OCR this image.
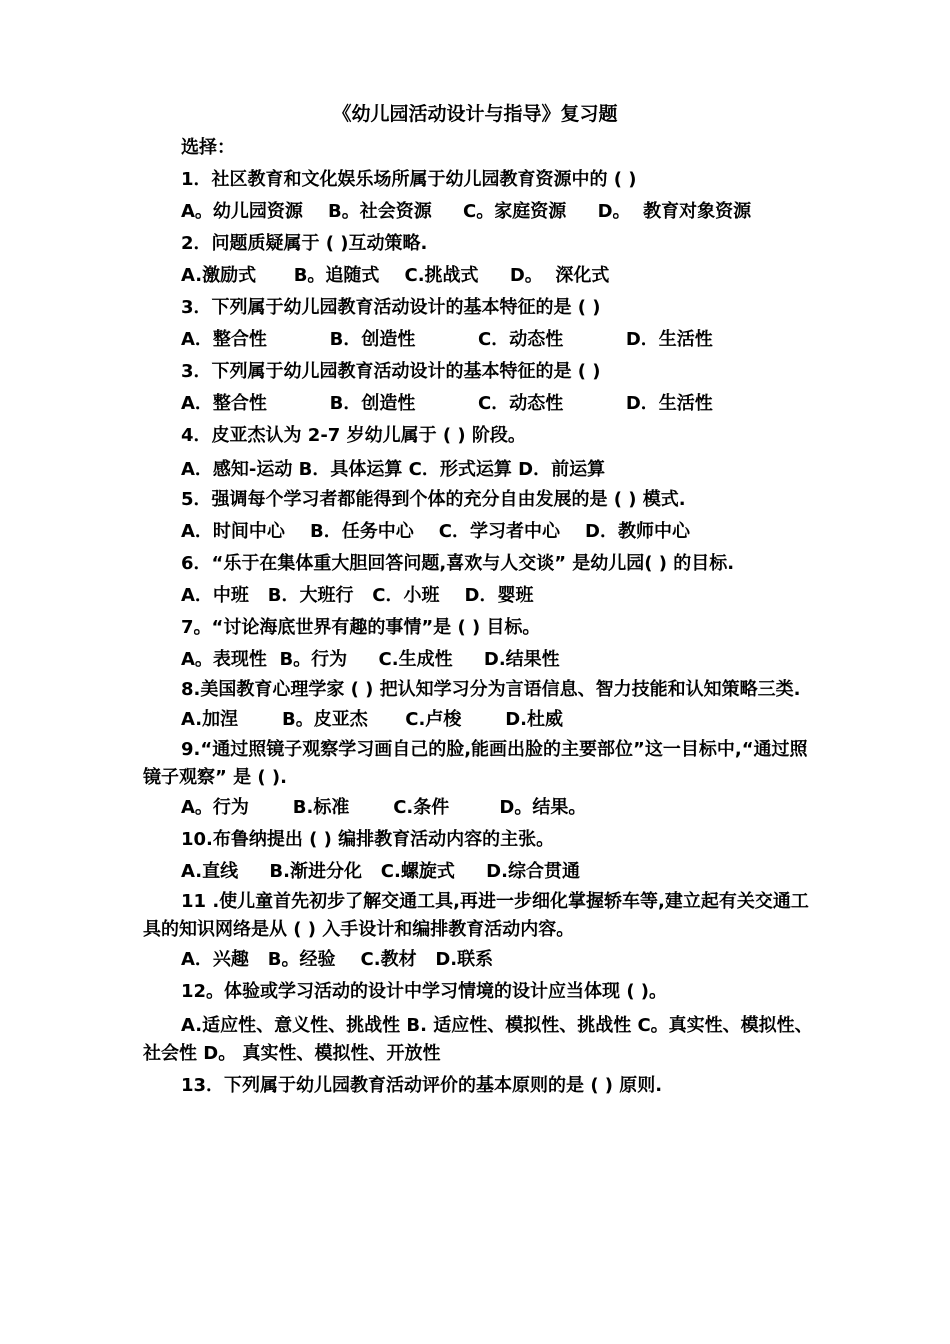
《幼儿园活动设计与指导》复习题
选择：
1．社区教育和文化娱乐场所属于幼儿园教育资源中的 ( )
A。幼儿园资源    B。社会资源     C。家庭资源     D。  教育对象资源
2．问题质疑属于 ( )互动策略.
A.激励式      B。追随式    C.挑战式     D。  深化式
3．下列属于幼儿园教育活动设计的基本特征的是 ( )
A．整合性          B．创造性          C．动态性          D．生活性
3．下列属于幼儿园教育活动设计的基本特征的是 ( )
A．整合性          B．创造性          C．动态性          D．生活性
4．皮亚杰认为 2-7 岁幼儿属于 ( ) 阶段。
A．感知-运动 B．具体运算 C．形式运算 D．前运算
5．强调每个学习者都能得到个体的充分自由发展的是 ( ) 模式.
A．时间中心    B．任务中心    C．学习者中心    D．教师中心
6．“乐于在集体重大胆回答问题,喜欢与人交谈” 是幼儿园( ) 的目标.
A．中班   B．大班行   C．小班    D．婴班
7。“讨论海底世界有趣的事情”是 ( ) 目标。
A。表现性  B。行为     C.生成性     D.结果性
8.美国教育心理学家 ( ) 把认知学习分为言语信息、智力技能和认知策略三类.
A.加涅       B。皮亚杰      C.卢梭       D.杜威
9.“通过照镜子观察学习画自己的脸,能画出脸的主要部位”这一目标中,“通过照镜子观察” 是 ( ).
A。行为       B.标准       C.条件        D。结果。
10.布鲁纳提出 ( ) 编排教育活动内容的主张。
A.直线     B.渐进分化   C.螺旋式     D.综合贯通
11 .使儿童首先初步了解交通工具,再进一步细化掌握轿车等,建立起有关交通工具的知识网络是从 ( ) 入手设计和编排教育活动内容。
A．兴趣   B。经验    C.教材   D.联系
12。体验或学习活动的设计中学习情境的设计应当体现 ( )。
A.适应性、意义性、挑战性 B. 适应性、模拟性、挑战性 C。真实性、模拟性、社会性 D。 真实性、模拟性、开放性
13．下列属于幼儿园教育活动评价的基本原则的是 ( ) 原则.
